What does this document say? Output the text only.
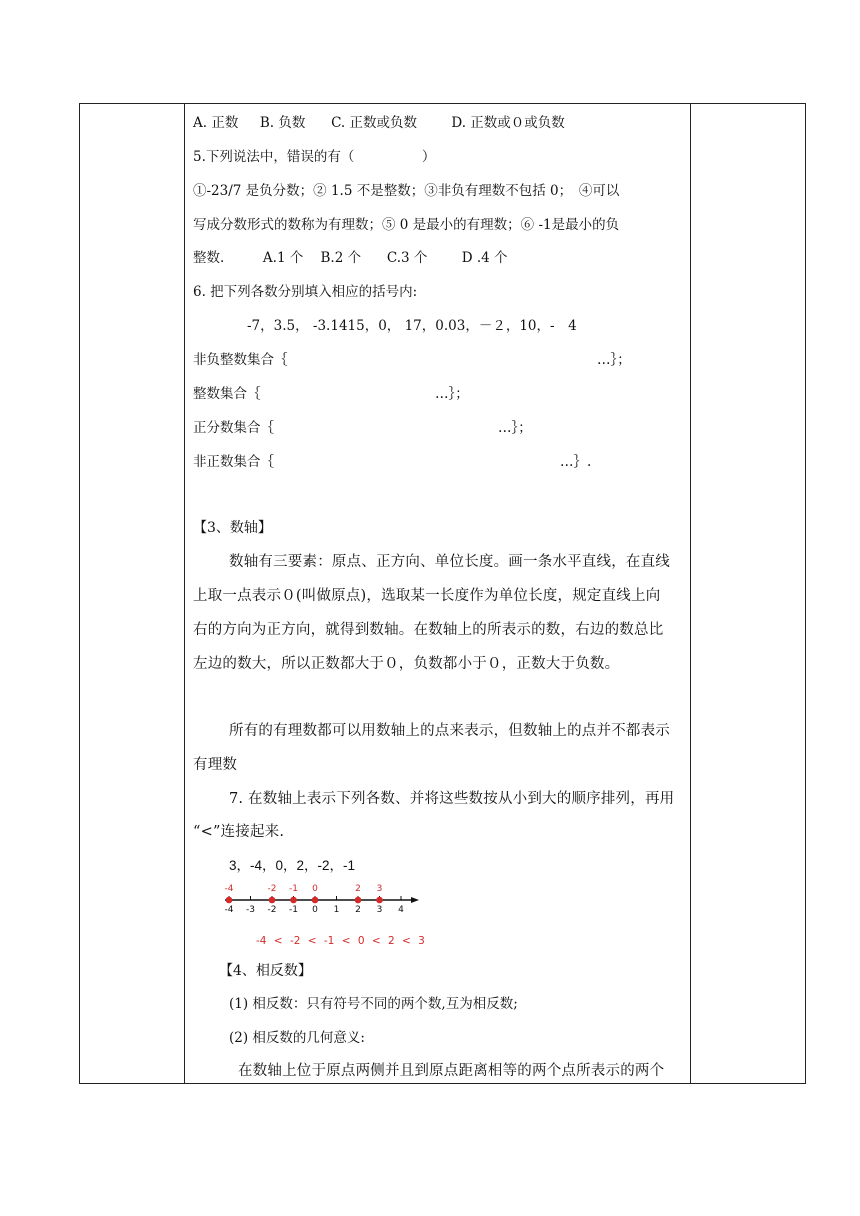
A. 正数 B. 负数 C. 正数或负数	D. 正数或０或负数
5.下列说法中，错误的有（　　　　　）
①-23/7 是负分数；② 1.5 不是整数；③非负有理数不包括 0；　④可以
写成分数形式的数称为有理数；⑤ 0 是最小的有理数；⑥ -1是最小的负
整数.	A.1 个 B.2 个 C.3 个	D .4 个
6. 把下列各数分别填入相应的括号内:
-7，3.5， -3.1415，0， 17，0.03，－２，10，-　4
非负整数集合｛	…｝；
整数集合｛	…｝；
正分数集合｛	…｝；
非正数集合｛	…｝.
【3、数轴】
数轴有三要素：原点、正方向、单位长度。画一条水平直线，在直线
上取一点表示０(叫做原点)，选取某一长度作为单位长度，规定直线上向
右的方向为正方向，就得到数轴。在数轴上的所表示的数，右边的数总比
左边的数大，所以正数都大于０，负数都小于０，正数大于负数。
所有的有理数都可以用数轴上的点来表示，但数轴上的点并不都表示
有理数
7. 在数轴上表示下列各数、并将这些数按从小到大的顺序排列，再用
“<”连接起来.
3，-4，0，2，-2，-1
-4 -3 -2 -1 0 1 2 3 4
-4	-2 -1 0	2 3
-4 < -2 < -1 < 0 < 2 < 3
【4、相反数】
(1) 相反数：只有符号不同的两个数,互为相反数;
(2) 相反数的几何意义:
在数轴上位于原点两侧并且到原点距离相等的两个点所表示的两个
